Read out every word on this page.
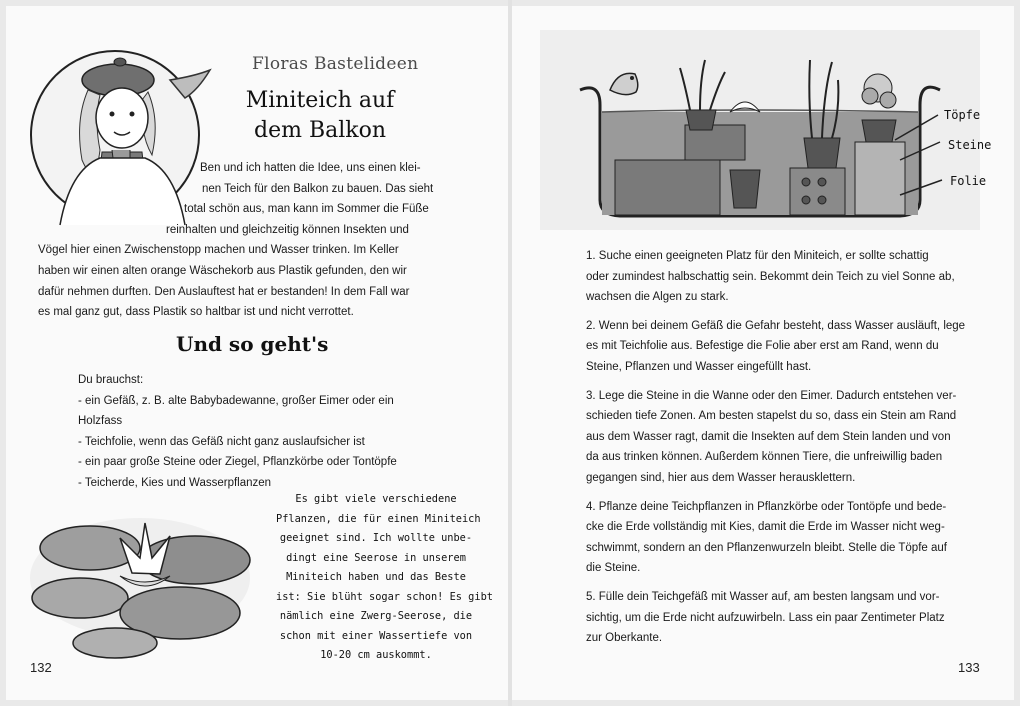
Floras Bastelideen
Miniteich auf
dem Balkon
Ben und ich hatten die Idee, uns einen klei-
nen Teich für den Balkon zu bauen. Das sieht
total schön aus, man kann im Sommer die Füße
reinhalten und gleichzeitig können Insekten und
Vögel hier einen Zwischenstopp machen und Wasser trinken. Im Keller
haben wir einen alten orange Wäschekorb aus Plastik gefunden, den wir
dafür nehmen durften. Den Auslauftest hat er bestanden! In dem Fall war
es mal ganz gut, dass Plastik so haltbar ist und nicht verrottet.
Und so geht's
Du brauchst:
- ein Gefäß, z. B. alte Babybadewanne, großer Eimer oder ein Holzfass
- Teichfolie, wenn das Gefäß nicht ganz auslaufsicher ist
- ein paar große Steine oder Ziegel, Pflanzkörbe oder Tontöpfe
- Teicherde, Kies und Wasserpflanzen
Es gibt viele verschiedene
Pflanzen, die für einen Miniteich
geeignet sind. Ich wollte unbe-
dingt eine Seerose in unserem
Miniteich haben und das Beste
ist: Sie blüht sogar schon! Es gibt
nämlich eine Zwerg-Seerose, die
schon mit einer Wassertiefe von
10-20 cm auskommt.
132
Töpfe
Steine
Folie
1. Suche einen geeigneten Platz für den Miniteich, er sollte schattig
oder zumindest halbschattig sein. Bekommt dein Teich zu viel Sonne ab,
wachsen die Algen zu stark.
2. Wenn bei deinem Gefäß die Gefahr besteht, dass Wasser ausläuft, lege
es mit Teichfolie aus. Befestige die Folie aber erst am Rand, wenn du
Steine, Pflanzen und Wasser eingefüllt hast.
3. Lege die Steine in die Wanne oder den Eimer. Dadurch entstehen ver-
schieden tiefe Zonen. Am besten stapelst du so, dass ein Stein am Rand
aus dem Wasser ragt, damit die Insekten auf dem Stein landen und von
da aus trinken können. Außerdem können Tiere, die unfreiwillig baden
gegangen sind, hier aus dem Wasser herausklettern.
4. Pflanze deine Teichpflanzen in Pflanzkörbe oder Tontöpfe und bede-
cke die Erde vollständig mit Kies, damit die Erde im Wasser nicht weg-
schwimmt, sondern an den Pflanzenwurzeln bleibt. Stelle die Töpfe auf
die Steine.
5. Fülle dein Teichgefäß mit Wasser auf, am besten langsam und vor-
sichtig, um die Erde nicht aufzuwirbeln. Lass ein paar Zentimeter Platz
zur Oberkante.
133
